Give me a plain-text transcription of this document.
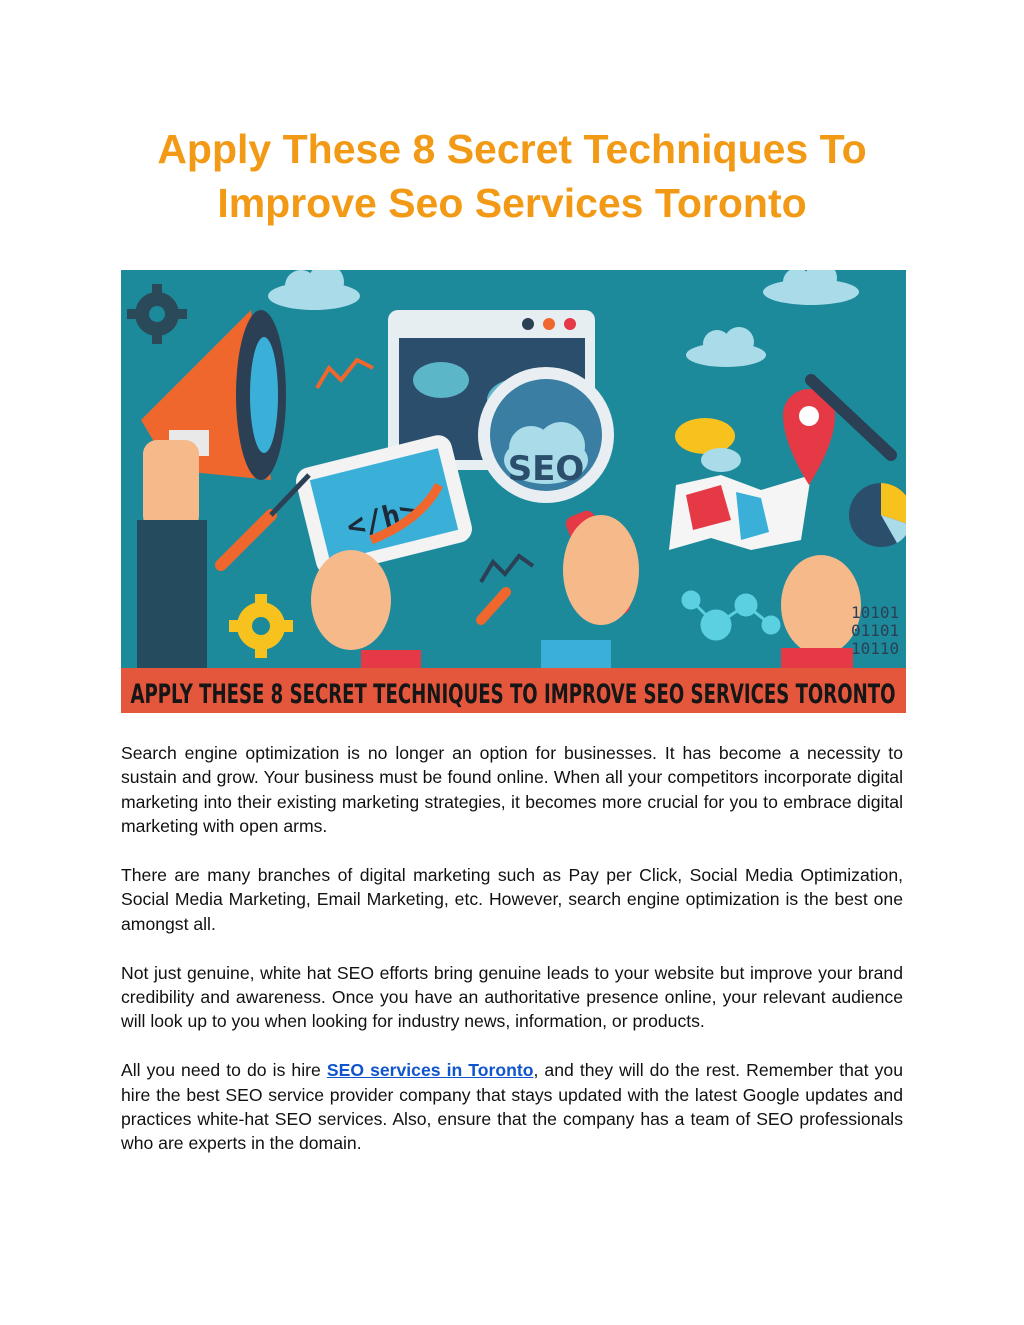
Apply These 8 Secret Techniques To
Improve Seo Services Toronto
</h>
SEO
10101
01101
10110
APPLY THESE 8 SECRET TECHNIQUES TO IMPROVE SEO SERVICES TORONTO

Search engine optimization is no longer an option for businesses. It has become a necessity to sustain and grow. Your business must be found online. When all your competitors incorporate digital marketing into their existing marketing strategies, it becomes more crucial for you to embrace digital marketing with open arms.

There are many branches of digital marketing such as Pay per Click, Social Media Optimization, Social Media Marketing, Email Marketing, etc. However, search engine optimization is the best one amongst all.

Not just genuine, white hat SEO efforts bring genuine leads to your website but improve your brand credibility and awareness. Once you have an authoritative presence online, your relevant audience will look up to you when looking for industry news, information, or products.

All you need to do is hire SEO services in Toronto, and they will do the rest. Remember that you hire the best SEO service provider company that stays updated with the latest Google updates and practices white-hat SEO services. Also, ensure that the company has a team of SEO professionals who are experts in the domain.
